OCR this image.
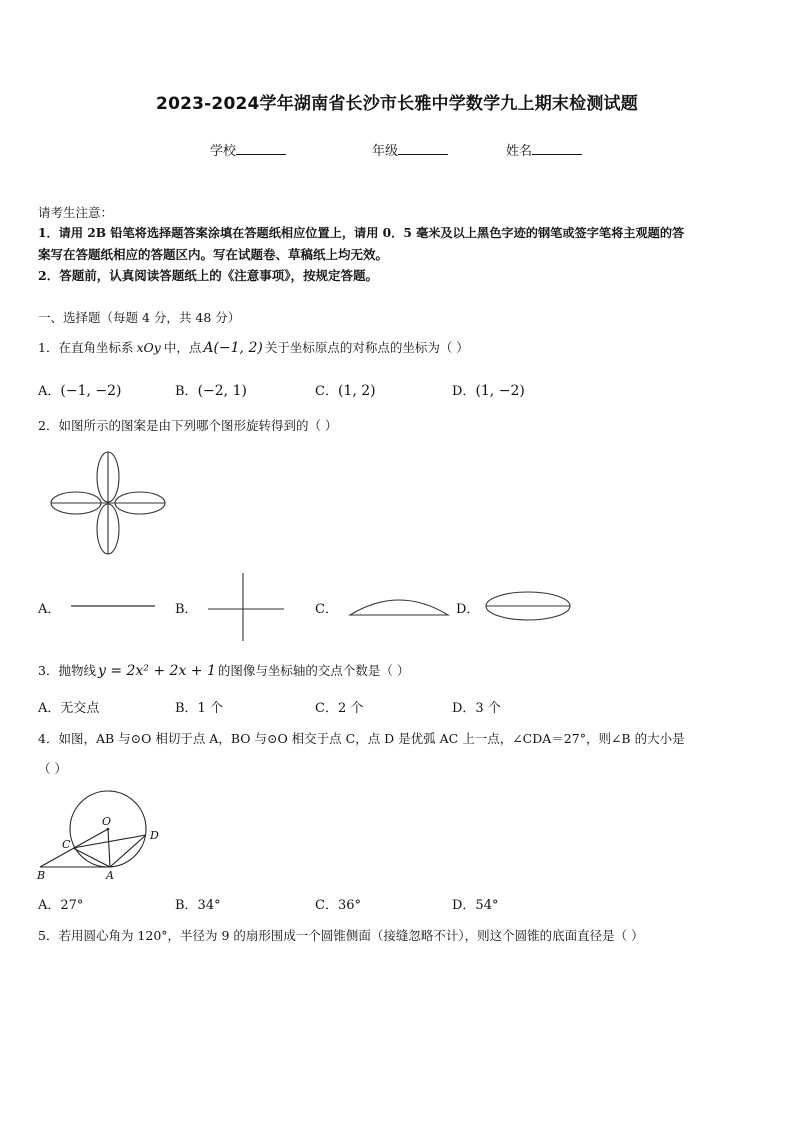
2023-2024学年湖南省长沙市长雅中学数学九上期末检测试题
学校	年级	姓名
请考生注意：
1．请用 2B 铅笔将选择题答案涂填在答题纸相应位置上，请用 0．5 毫米及以上黑色字迹的钢笔或签字笔将主观题的答
案写在答题纸相应的答题区内。写在试题卷、草稿纸上均无效。
2．答题前，认真阅读答题纸上的《注意事项》，按规定答题。
一、选择题（每题 4 分，共 48 分）
1．在直角坐标系 xOy 中，点 A(−1, 2) 关于坐标原点的对称点的坐标为（ ）
A．(−1, −2)	B．(−2, 1)	C．(1, 2)	D．(1, −2)
2．如图所示的图案是由下列哪个图形旋转得到的（ ）
A．	B．	C．	D．
3．抛物线 y = 2x² + 2x + 1 的图像与坐标轴的交点个数是（ ）
A．无交点	B．1 个	C．2 个	D．3 个
4．如图，AB 与⊙O 相切于点 A，BO 与⊙O 相交于点 C，点 D 是优弧 AC 上一点，∠CDA＝27°，则∠B 的大小是
（ ）
O
C
D
B	A
A．27°	B．34°	C．36°	D．54°
5．若用圆心角为 120°，半径为 9 的扇形围成一个圆锥侧面（接缝忽略不计），则这个圆锥的底面直径是（ ）
